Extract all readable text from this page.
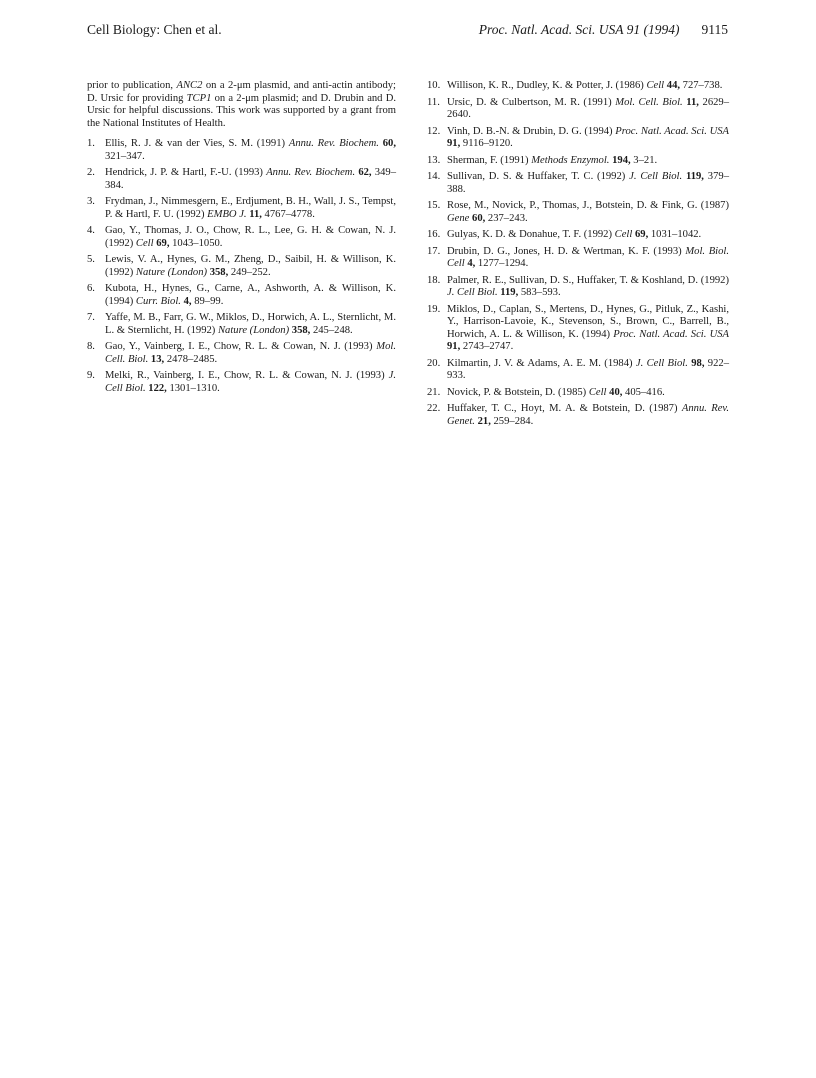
Cell Biology: Chen et al.	Proc. Natl. Acad. Sci. USA 91 (1994) 9115

prior to publication, ANC2 on a 2-μm plasmid, and anti-actin antibody; D. Ursic for providing TCP1 on a 2-μm plasmid; and D. Drubin and D. Ursic for helpful discussions. This work was supported by a grant from the National Institutes of Health.

1. Ellis, R. J. & van der Vies, S. M. (1991) Annu. Rev. Biochem. 60, 321–347.

2. Hendrick, J. P. & Hartl, F.-U. (1993) Annu. Rev. Biochem. 62, 349–384.

3. Frydman, J., Nimmesgern, E., Erdjument, B. H., Wall, J. S., Tempst, P. & Hartl, F. U. (1992) EMBO J. 11, 4767–4778.

4. Gao, Y., Thomas, J. O., Chow, R. L., Lee, G. H. & Cowan, N. J. (1992) Cell 69, 1043–1050.

5. Lewis, V. A., Hynes, G. M., Zheng, D., Saibil, H. & Willison, K. (1992) Nature (London) 358, 249–252.

6. Kubota, H., Hynes, G., Carne, A., Ashworth, A. & Willison, K. (1994) Curr. Biol. 4, 89–99.

7. Yaffe, M. B., Farr, G. W., Miklos, D., Horwich, A. L., Sternlicht, M. L. & Sternlicht, H. (1992) Nature (London) 358, 245–248.

8. Gao, Y., Vainberg, I. E., Chow, R. L. & Cowan, N. J. (1993) Mol. Cell. Biol. 13, 2478–2485.

9. Melki, R., Vainberg, I. E., Chow, R. L. & Cowan, N. J. (1993) J. Cell Biol. 122, 1301–1310.

10. Willison, K. R., Dudley, K. & Potter, J. (1986) Cell 44, 727–738.

11. Ursic, D. & Culbertson, M. R. (1991) Mol. Cell. Biol. 11, 2629–2640.

12. Vinh, D. B.-N. & Drubin, D. G. (1994) Proc. Natl. Acad. Sci. USA 91, 9116–9120.

13. Sherman, F. (1991) Methods Enzymol. 194, 3–21.

14. Sullivan, D. S. & Huffaker, T. C. (1992) J. Cell Biol. 119, 379–388.

15. Rose, M., Novick, P., Thomas, J., Botstein, D. & Fink, G. (1987) Gene 60, 237–243.

16. Gulyas, K. D. & Donahue, T. F. (1992) Cell 69, 1031–1042.

17. Drubin, D. G., Jones, H. D. & Wertman, K. F. (1993) Mol. Biol. Cell 4, 1277–1294.

18. Palmer, R. E., Sullivan, D. S., Huffaker, T. & Koshland, D. (1992) J. Cell Biol. 119, 583–593.

19. Miklos, D., Caplan, S., Mertens, D., Hynes, G., Pitluk, Z., Kashi, Y., Harrison-Lavoie, K., Stevenson, S., Brown, C., Barrell, B., Horwich, A. L. & Willison, K. (1994) Proc. Natl. Acad. Sci. USA 91, 2743–2747.

20. Kilmartin, J. V. & Adams, A. E. M. (1984) J. Cell Biol. 98, 922–933.

21. Novick, P. & Botstein, D. (1985) Cell 40, 405–416.

22. Huffaker, T. C., Hoyt, M. A. & Botstein, D. (1987) Annu. Rev. Genet. 21, 259–284.
